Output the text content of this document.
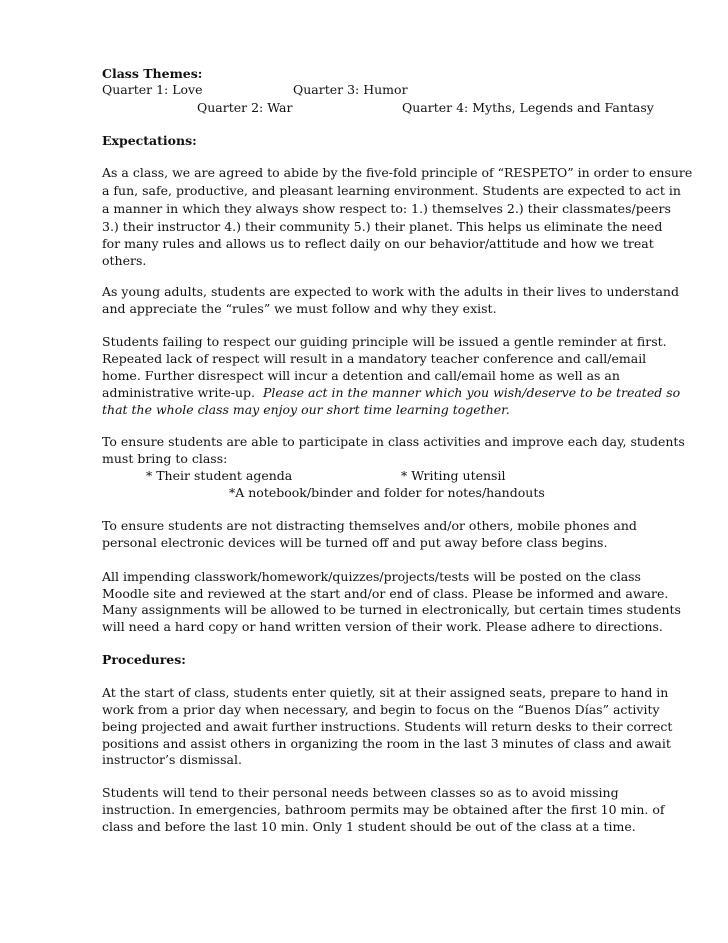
Class Themes:
Quarter 1: Love	Quarter 3: Humor
Quarter 2: War	Quarter 4: Myths, Legends and Fantasy
Expectations:
As a class, we are agreed to abide by the five-fold principle of “RESPETO” in order to ensure
a fun, safe, productive, and pleasant learning environment. Students are expected to act in
a manner in which they always show respect to: 1.) themselves 2.) their classmates/peers
3.) their instructor 4.) their community 5.) their planet. This helps us eliminate the need
for many rules and allows us to reflect daily on our behavior/attitude and how we treat
others.
As young adults, students are expected to work with the adults in their lives to understand
and appreciate the “rules” we must follow and why they exist.
Students failing to respect our guiding principle will be issued a gentle reminder at first.
Repeated lack of respect will result in a mandatory teacher conference and call/email
home. Further disrespect will incur a detention and call/email home as well as an
administrative write-up. Please act in the manner which you wish/deserve to be treated so
that the whole class may enjoy our short time learning together.
To ensure students are able to participate in class activities and improve each day, students
must bring to class:
* Their student agenda	* Writing utensil
*A notebook/binder and folder for notes/handouts
To ensure students are not distracting themselves and/or others, mobile phones and
personal electronic devices will be turned off and put away before class begins.
All impending classwork/homework/quizzes/projects/tests will be posted on the class
Moodle site and reviewed at the start and/or end of class. Please be informed and aware.
Many assignments will be allowed to be turned in electronically, but certain times students
will need a hard copy or hand written version of their work. Please adhere to directions.
Procedures:
At the start of class, students enter quietly, sit at their assigned seats, prepare to hand in
work from a prior day when necessary, and begin to focus on the “Buenos Días” activity
being projected and await further instructions. Students will return desks to their correct
positions and assist others in organizing the room in the last 3 minutes of class and await
instructor’s dismissal.
Students will tend to their personal needs between classes so as to avoid missing
instruction. In emergencies, bathroom permits may be obtained after the first 10 min. of
class and before the last 10 min. Only 1 student should be out of the class at a time.
